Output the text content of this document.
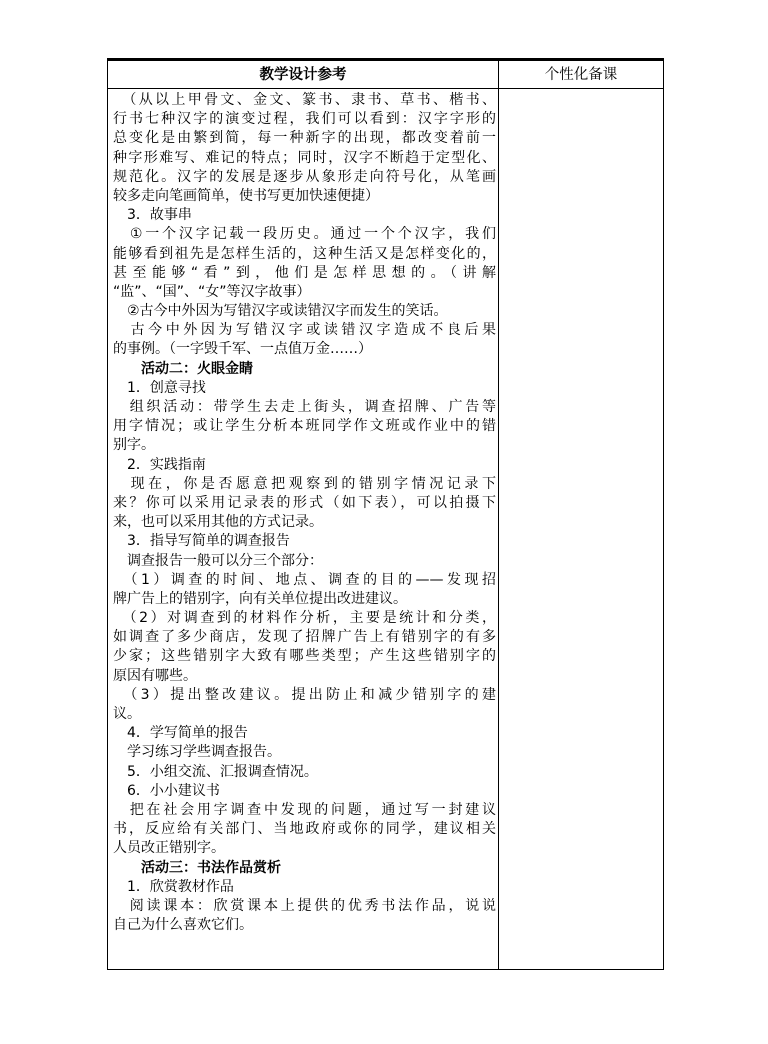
教学设计参考	个性化备课
　（从以上甲骨文、金文、篆书、隶书、草书、楷书、
行书七种汉字的演变过程，我们可以看到：汉字字形的
总变化是由繁到简，每一种新字的出现，都改变着前一
种字形难写、难记的特点；同时，汉字不断趋于定型化、
规范化。汉字的发展是逐步从象形走向符号化，从笔画
较多走向笔画简单，使书写更加快速便捷）
　3．故事串
　①一个汉字记载一段历史。通过一个个汉字，我们
能够看到祖先是怎样生活的，这种生活又是怎样变化的，
甚至能够“看”到，他们是怎样思想的。（讲解
“监”、“国”、“女”等汉字故事）
　②古今中外因为写错汉字或读错汉字而发生的笑话。
　古今中外因为写错汉字或读错汉字造成不良后果
的事例。（一字毁千军、一点值万金……）
　　活动二：火眼金睛
　1．创意寻找
　组织活动：带学生去走上街头，调查招牌、广告等
用字情况；或让学生分析本班同学作文班或作业中的错
别字。
　2．实践指南
　现在，你是否愿意把观察到的错别字情况记录下
来？你可以采用记录表的形式（如下表），可以拍摄下
来，也可以采用其他的方式记录。
　3．指导写简单的调查报告
　调查报告一般可以分三个部分：
　（1）调查的时间、地点、调查的目的——发现招
牌广告上的错别字，向有关单位提出改进建议。
　（2）对调查到的材料作分析，主要是统计和分类，
如调查了多少商店，发现了招牌广告上有错别字的有多
少家；这些错别字大致有哪些类型；产生这些错别字的
原因有哪些。
　（3）提出整改建议。提出防止和减少错别字的建
议。
　4．学写简单的报告
　学习练习学些调查报告。
　5．小组交流、汇报调查情况。
　6．小小建议书
　把在社会用字调查中发现的问题，通过写一封建议
书，反应给有关部门、当地政府或你的同学，建议相关
人员改正错别字。
　　活动三：书法作品赏析
　1．欣赏教材作品
　阅读课本：欣赏课本上提供的优秀书法作品，说说
自己为什么喜欢它们。
